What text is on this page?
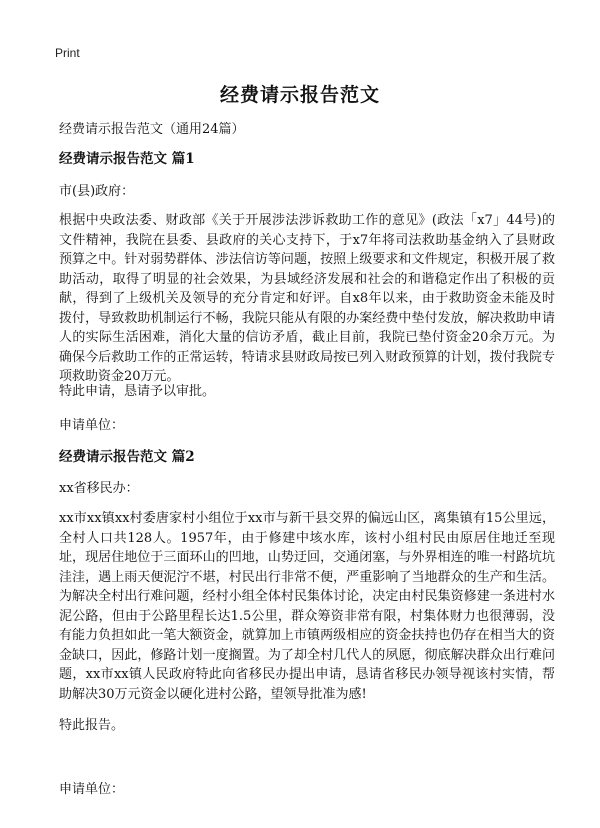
Print
经费请示报告范文
经费请示报告范文（通用24篇）
经费请示报告范文 篇1
市(县)政府：
根据中央政法委、财政部《关于开展涉法涉诉救助工作的意见》(政法「x7」44号)的文件精神，我院在县委、县政府的关心支持下，于x7年将司法救助基金纳入了县财政预算之中。针对弱势群体、涉法信访等问题，按照上级要求和文件规定，积极开展了救助活动，取得了明显的社会效果，为县域经济发展和社会的和谐稳定作出了积极的贡献，得到了上级机关及领导的充分肯定和好评。自x8年以来，由于救助资金未能及时拨付，导致救助机制运行不畅，我院只能从有限的办案经费中垫付发放，解决救助申请人的实际生活困难，消化大量的信访矛盾，截止目前，我院已垫付资金20余万元。为确保今后救助工作的正常运转，特请求县财政局按已列入财政预算的计划，拨付我院专项救助资金20万元。
特此申请，恳请予以审批。
申请单位：
经费请示报告范文 篇2
xx省移民办：
xx市xx镇xx村委唐家村小组位于xx市与新干县交界的偏远山区，离集镇有15公里远，全村人口共128人。1957年，由于修建中垓水库，该村小组村民由原居住地迁至现址，现居住地位于三面环山的凹地，山势迂回，交通闭塞，与外界相连的唯一村路坑坑洼洼，遇上雨天便泥泞不堪，村民出行非常不便，严重影响了当地群众的生产和生活。为解决全村出行难问题，经村小组全体村民集体讨论，决定由村民集资修建一条进村水泥公路，但由于公路里程长达1.5公里，群众筹资非常有限，村集体财力也很薄弱，没有能力负担如此一笔大额资金，就算加上市镇两级相应的资金扶持也仍存在相当大的资金缺口，因此，修路计划一度搁置。为了却全村几代人的夙愿，彻底解决群众出行难问题，xx市xx镇人民政府特此向省移民办提出申请，恳请省移民办领导视该村实情，帮助解决30万元资金以硬化进村公路，望领导批准为感!
特此报告。
申请单位：
